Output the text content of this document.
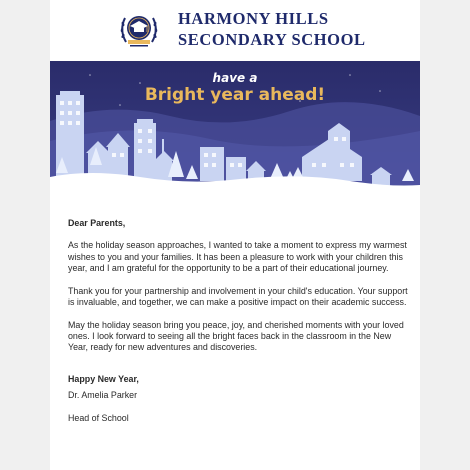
HARMONY HILLS
SECONDARY SCHOOL
have a
Bright year ahead!

Dear Parents,

As the holiday season approaches, I wanted to take a moment to express my warmest wishes to you and your families. It has been a pleasure to work with your children this year, and I am grateful for the opportunity to be a part of their educational journey.

Thank you for your partnership and involvement in your child's education. Your support is invaluable, and together, we can make a positive impact on their academic success.

May the holiday season bring you peace, joy, and cherished moments with your loved ones. I look forward to seeing all the bright faces back in the classroom in the New Year, ready for new adventures and discoveries.

Happy New Year,

Dr. Amelia Parker

Head of School
